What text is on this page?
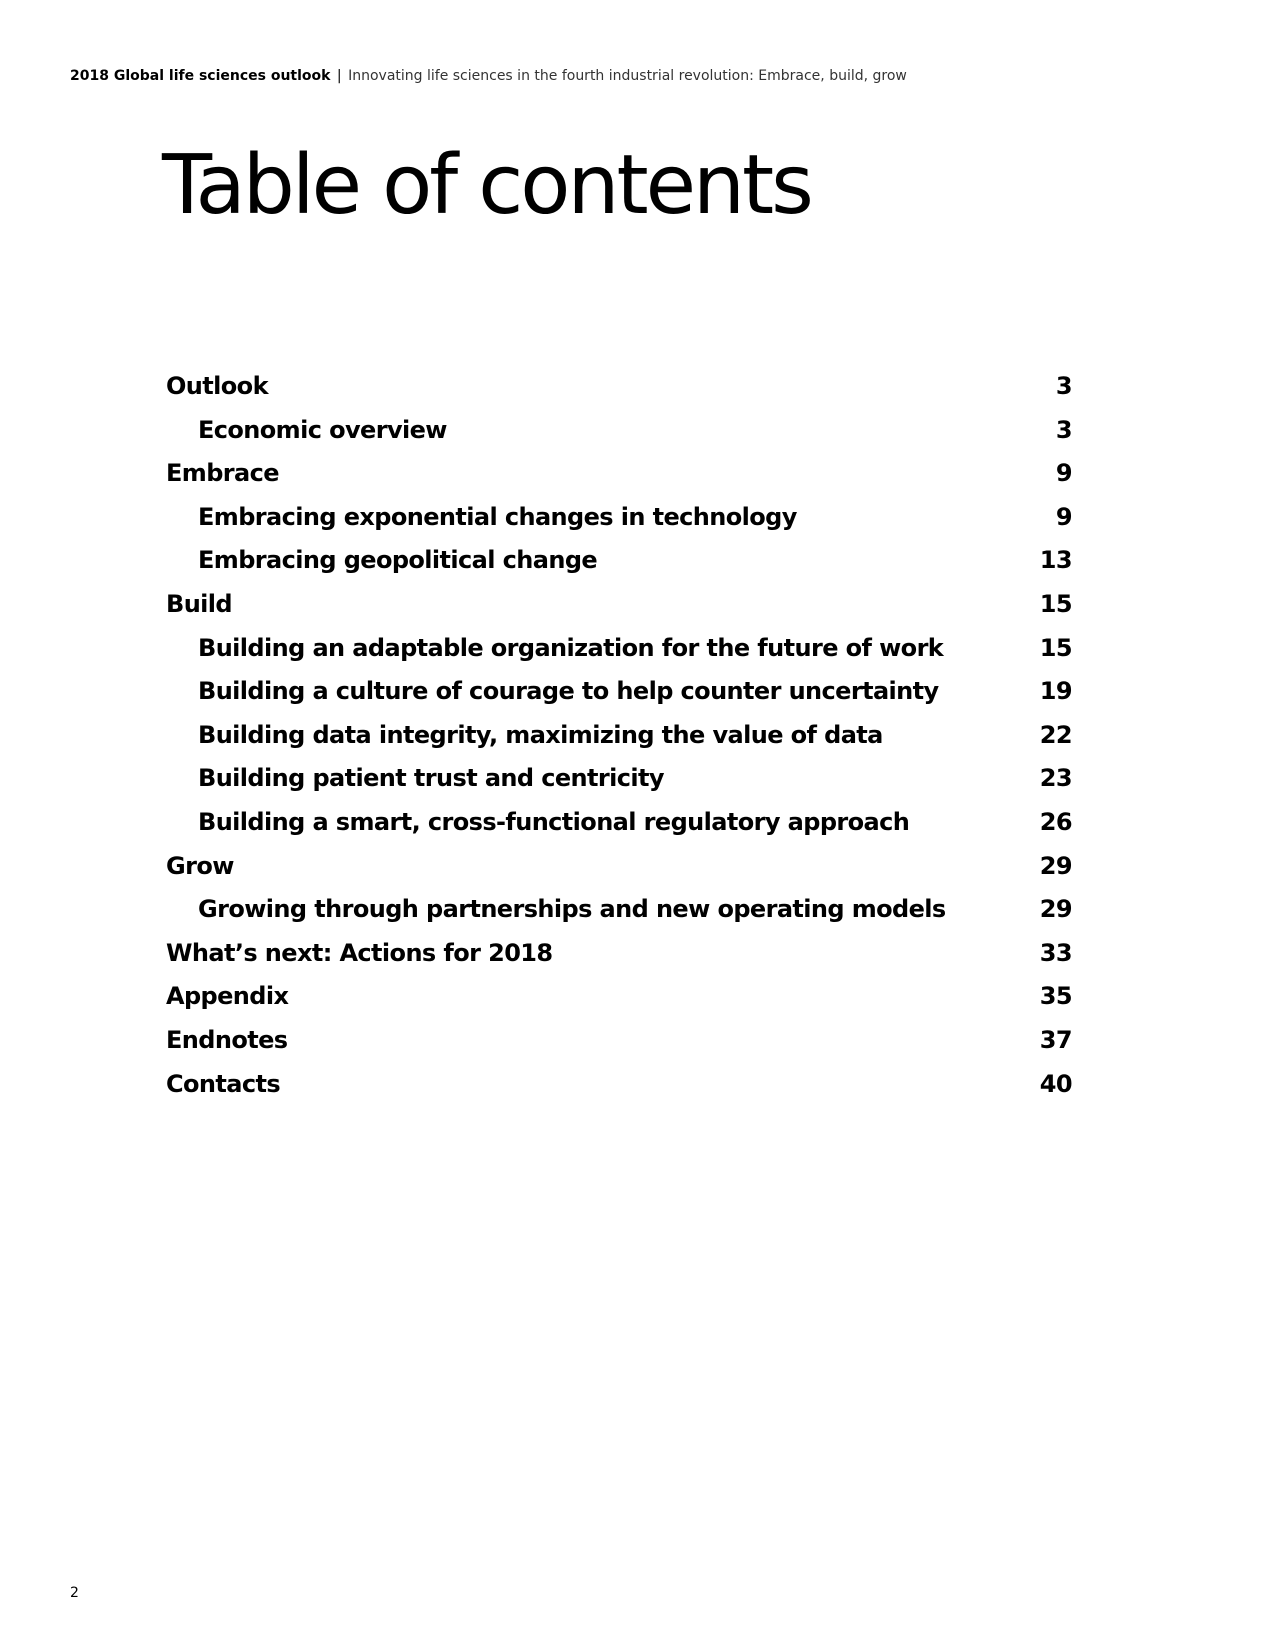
2018 Global life sciences outlook | Innovating life sciences in the fourth industrial revolution: Embrace, build, grow
Table of contents
Outlook	3
Economic overview	3
Embrace	9
Embracing exponential changes in technology	9
Embracing geopolitical change	13
Build	15
Building an adaptable organization for the future of work	15
Building a culture of courage to help counter uncertainty	19
Building data integrity, maximizing the value of data	22
Building patient trust and centricity	23
Building a smart, cross-functional regulatory approach	26
Grow	29
Growing through partnerships and new operating models	29
What’s next: Actions for 2018	33
Appendix	35
Endnotes	37
Contacts	40
2
